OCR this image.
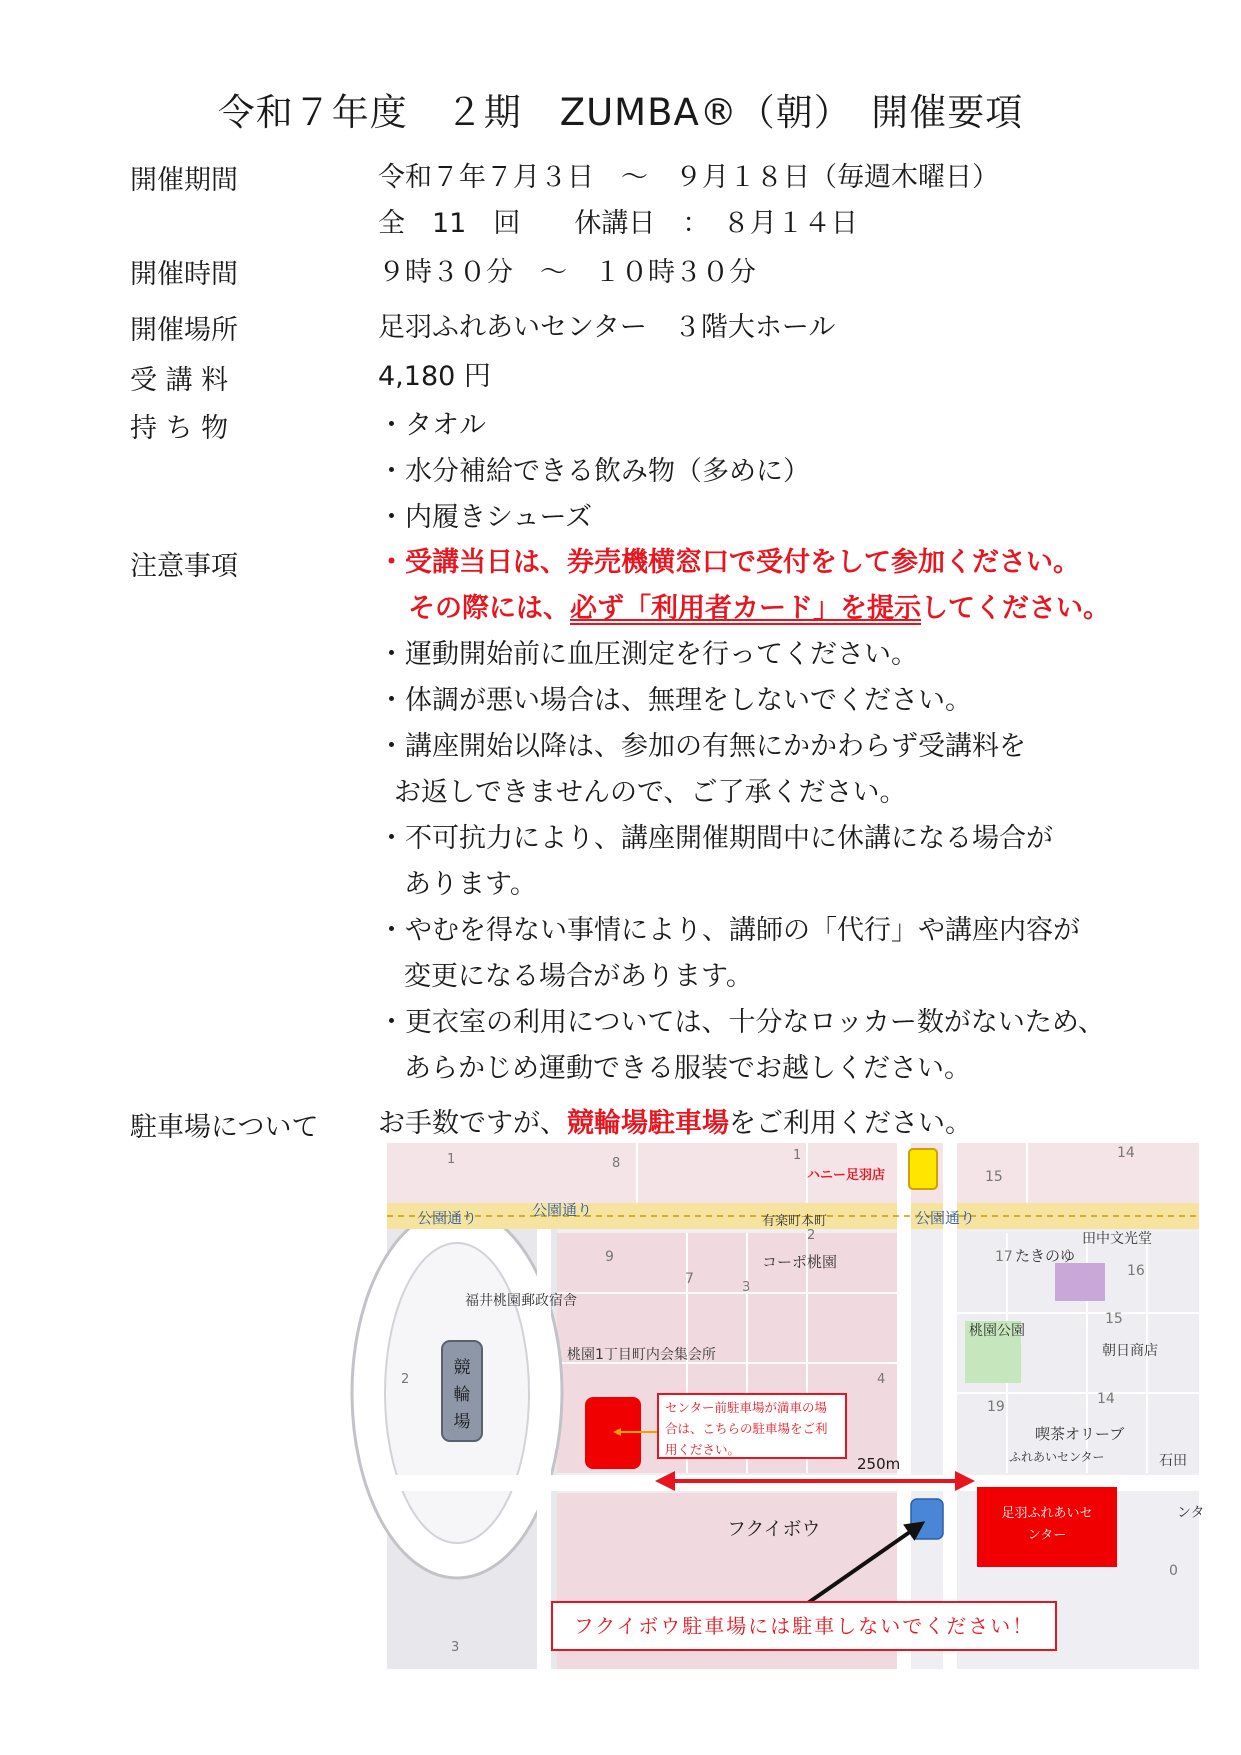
令和７年度　２期　ZUMBA®（朝）　開催要項
開催期間	令和７年７月３日　～　９月１８日（毎週木曜日）
全　11　回　　休講日　：　８月１４日
開催時間	９時３０分　～　１０時３０分
開催場所	足羽ふれあいセンター　３階大ホール
受 講 料	4,180 円
持 ち 物	・タオル
・水分補給できる飲み物（多めに）
・内履きシューズ
注意事項	・受講当日は、券売機横窓口で受付をして参加ください。
その際には、必ず「利用者カード」を提示してください。
・運動開始前に血圧測定を行ってください。
・体調が悪い場合は、無理をしないでください。
・講座開始以降は、参加の有無にかかわらず受講料を
お返しできませんので、ご了承ください。
・不可抗力により、講座開催期間中に休講になる場合が
あります。
・やむを得ない事情により、講師の「代行」や講座内容が
変更になる場合があります。
・更衣室の利用については、十分なロッカー数がないため、
あらかじめ運動できる服装でお越しください。
駐車場について お手数ですが、競輪場駐車場をご利用ください。
ハニー足羽店
公園通り	公園通り	公園通り
有楽町本町
田中文光堂
コーポ桃園	たきのゆ
福井桃園郵政宿舎
桃園公園
朝日商店
桃園1丁目町内会集会所
喫茶オリーブ
ふれあいセンター	石田
フクイボウ
ンタ
8
1	1
15
14
9
7
2
3
17
16
15
14
19
4
2
3
0
競輪場
センター前駐車場が満車の場合は、こちらの駐車場をご利用ください。
250m
足羽ふれあいセンター
フクイボウ駐車場には駐車しないでください！
